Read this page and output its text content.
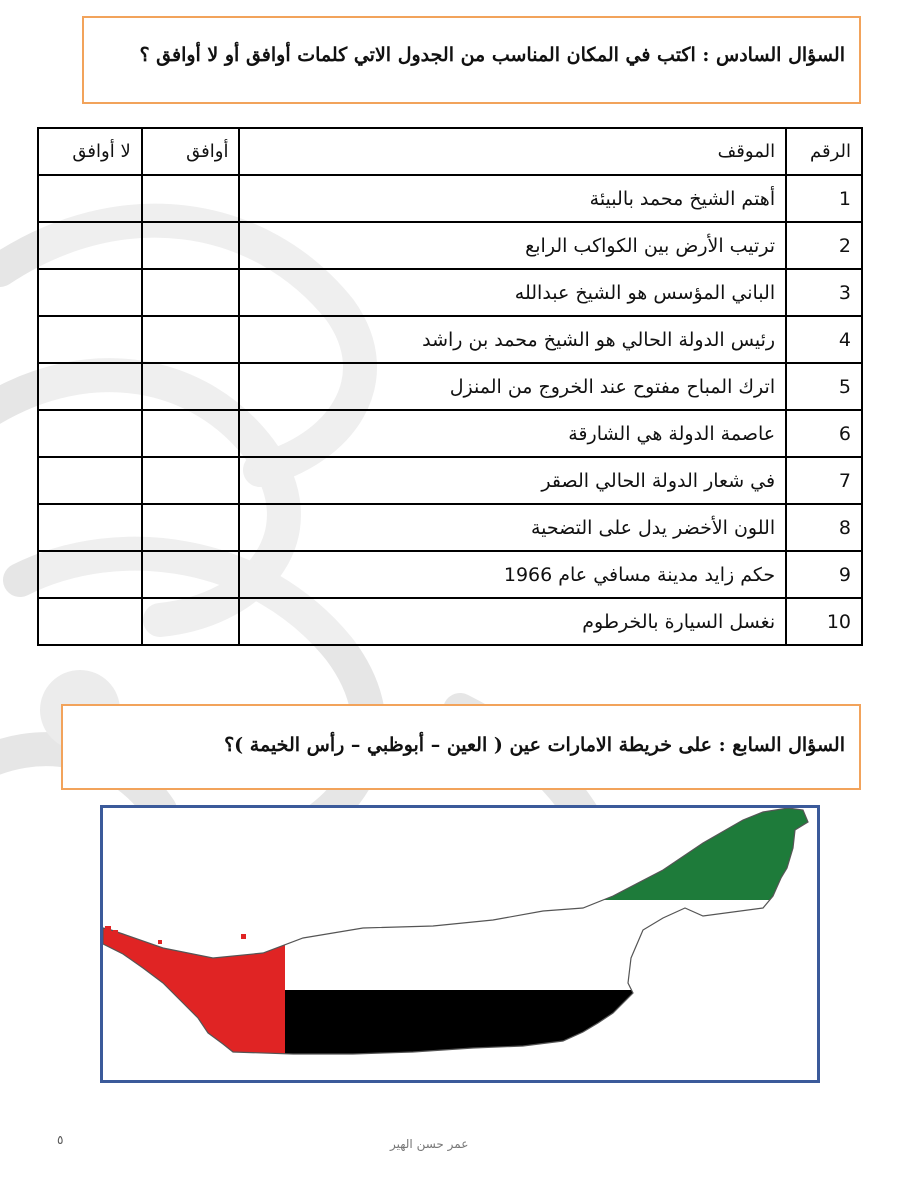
السؤال السادس : اكتب في المكان المناسب من الجدول الاتي كلمات أوافق أو لا أوافق ؟
الرقم	الموقف	أوافق	لا أوافق
1	أهتم الشيخ محمد بالبيئة		
2	ترتيب الأرض بين الكواكب الرابع		
3	الباني المؤسس هو الشيخ عبدالله		
4	رئيس الدولة الحالي هو الشيخ محمد بن راشد		
5	اترك المباح مفتوح عند الخروج من المنزل		
6	عاصمة الدولة هي الشارقة		
7	في شعار الدولة الحالي الصقر		
8	اللون الأخضر يدل على التضحية		
9	حكم زايد مدينة مسافي عام 1966		
10	نغسل السيارة بالخرطوم		
السؤال السابع : على خريطة الامارات عين ( العين – أبوظبي – رأس الخيمة )؟
عمر حسن الهير
٥
